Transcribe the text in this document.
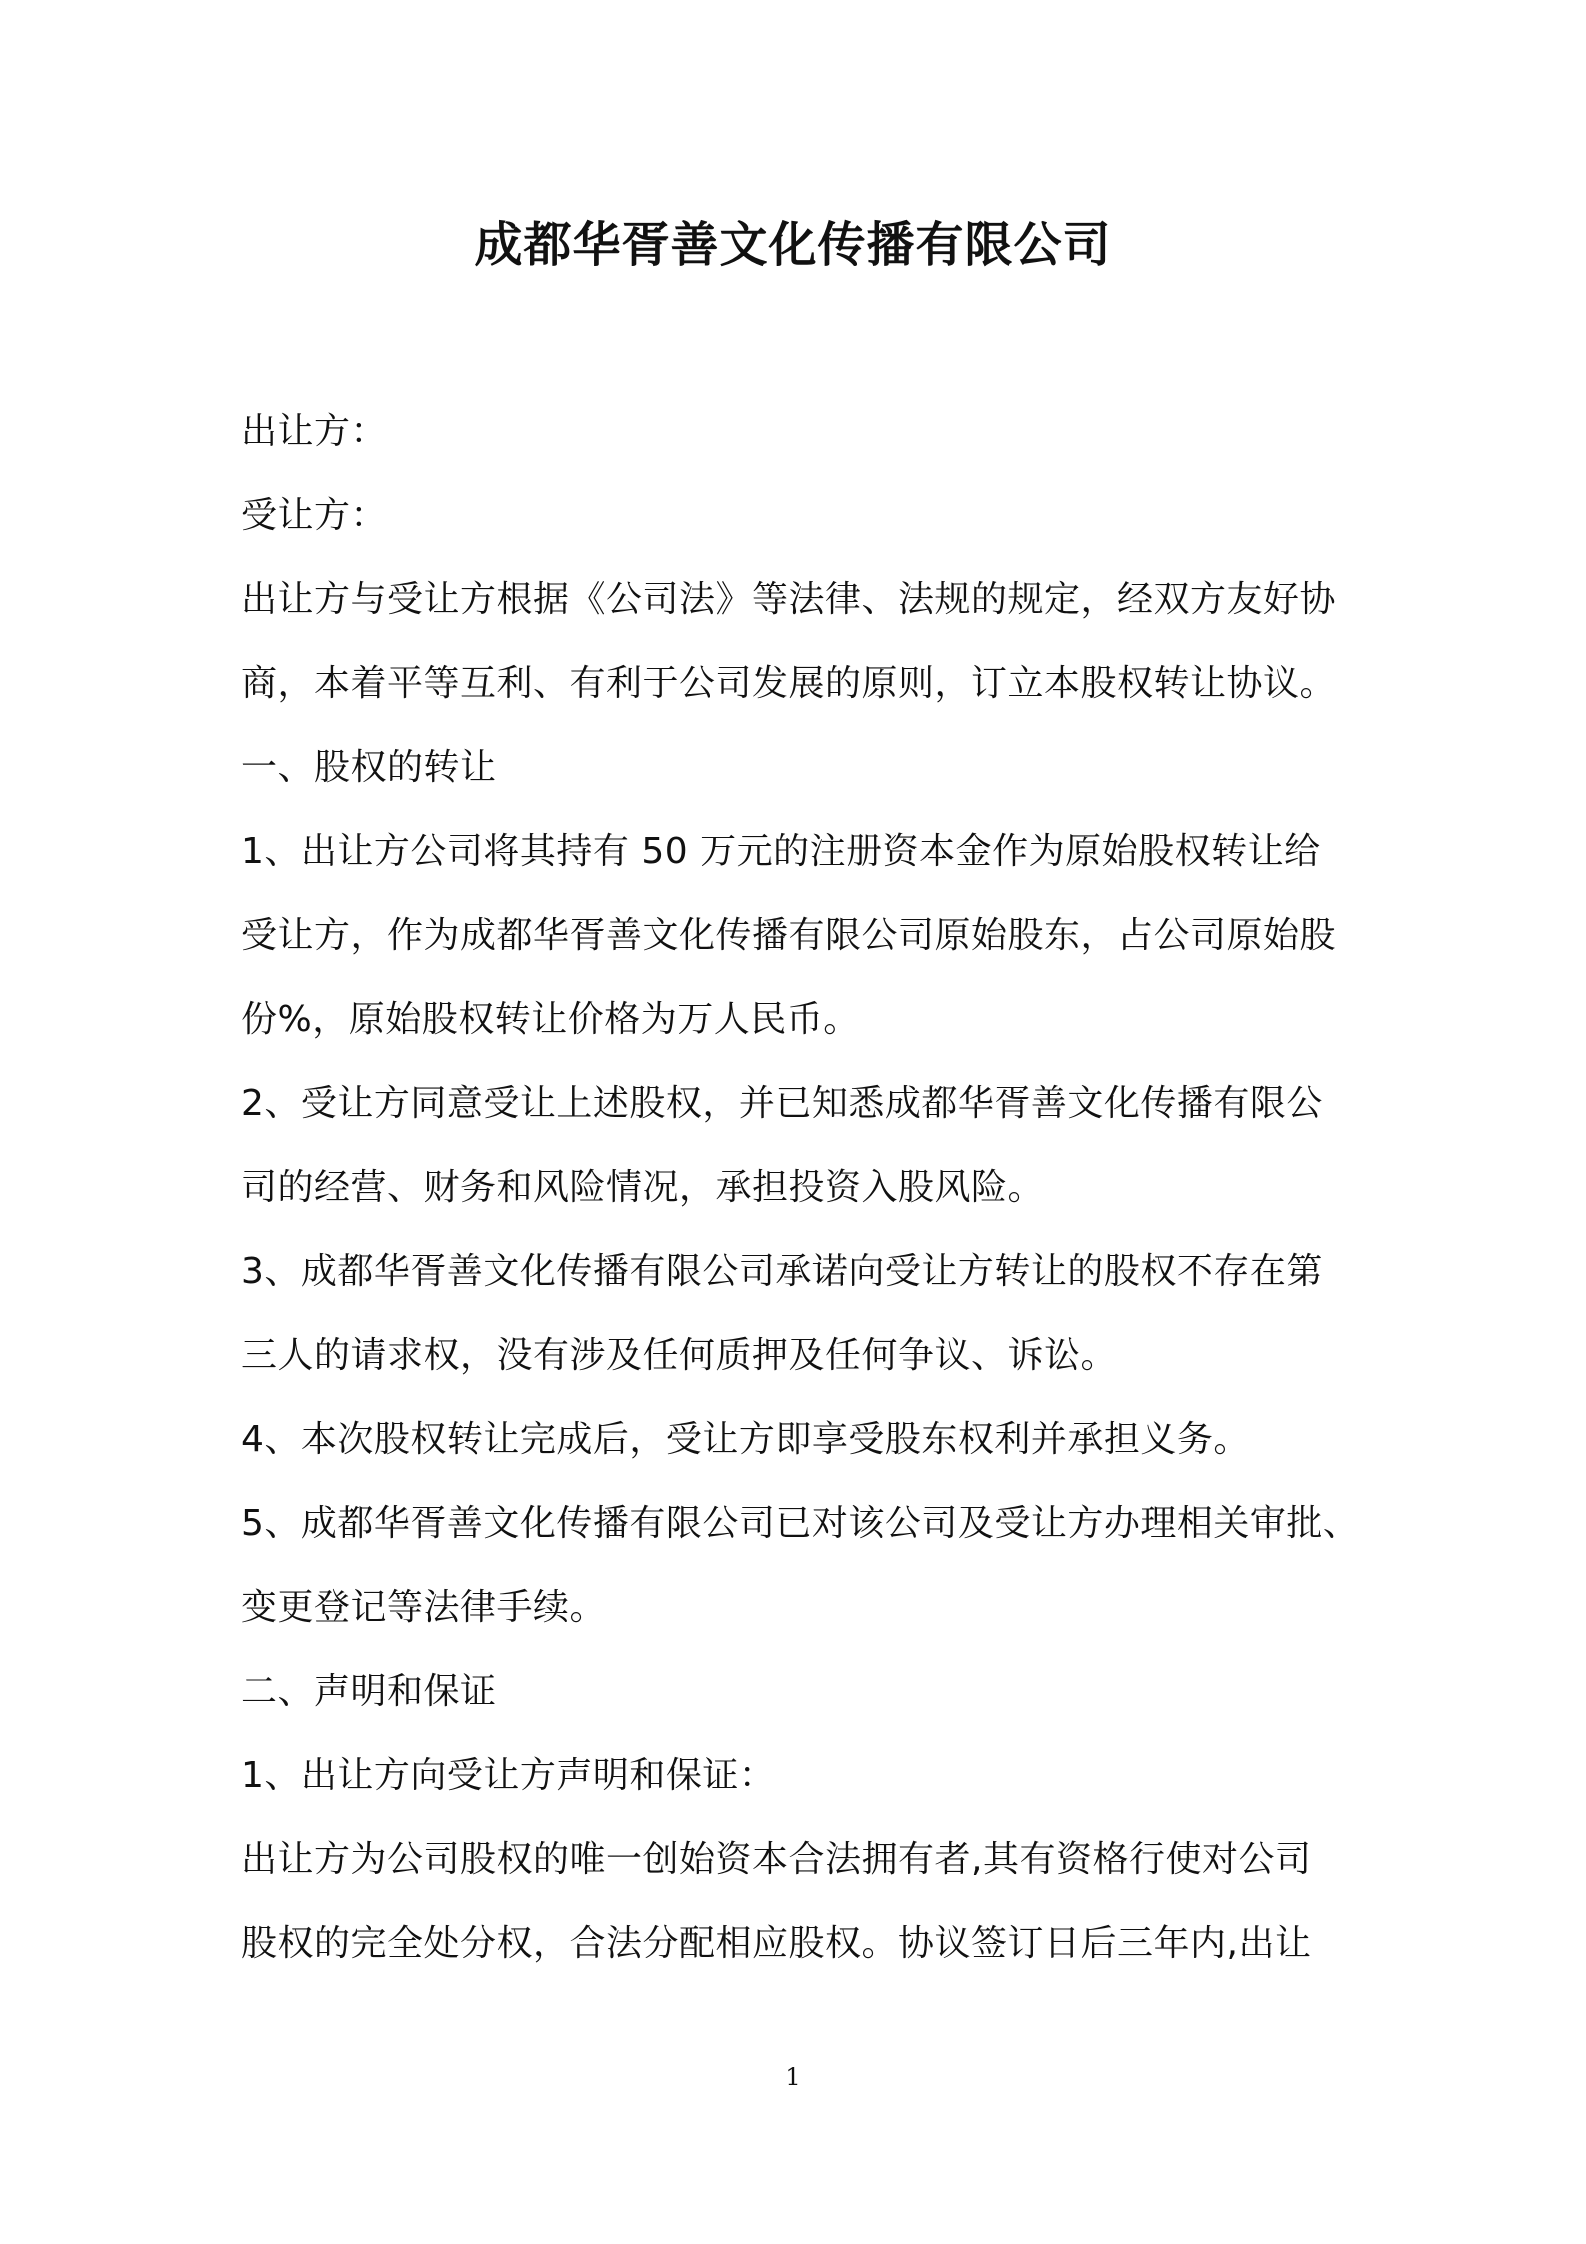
成都华胥善文化传播有限公司
出让方：
受让方：
出让方与受让方根据《公司法》等法律、法规的规定，经双方友好协
商，本着平等互利、有利于公司发展的原则，订立本股权转让协议。
一、股权的转让
1、出让方公司将其持有 50 万元的注册资本金作为原始股权转让给
受让方，作为成都华胥善文化传播有限公司原始股东，占公司原始股
份%，原始股权转让价格为万人民币。
2、受让方同意受让上述股权，并已知悉成都华胥善文化传播有限公
司的经营、财务和风险情况，承担投资入股风险。
3、成都华胥善文化传播有限公司承诺向受让方转让的股权不存在第
三人的请求权，没有涉及任何质押及任何争议、诉讼。
4、本次股权转让完成后，受让方即享受股东权利并承担义务。
5、成都华胥善文化传播有限公司已对该公司及受让方办理相关审批、
变更登记等法律手续。
二、声明和保证
1、出让方向受让方声明和保证：
出让方为公司股权的唯一创始资本合法拥有者,其有资格行使对公司
股权的完全处分权，合法分配相应股权。协议签订日后三年内,出让
1
